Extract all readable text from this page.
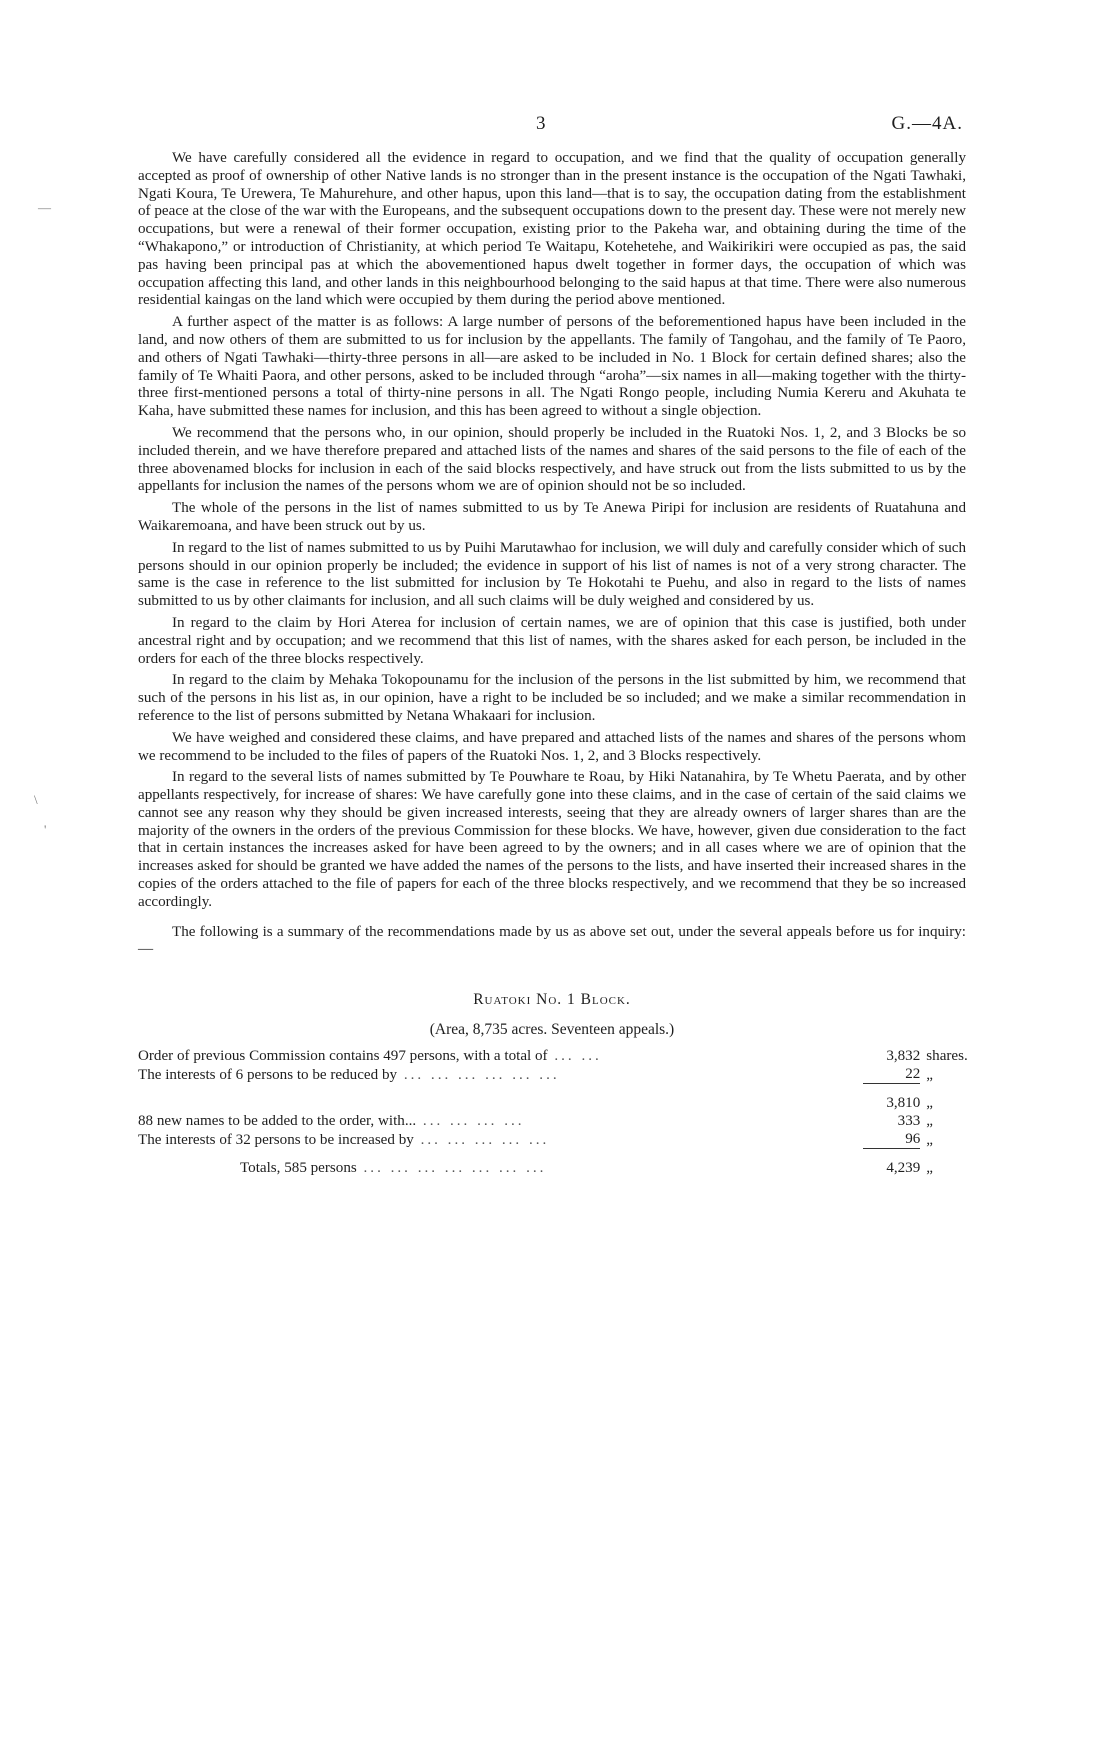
3	G.—4A.
—
\
'

We have carefully considered all the evidence in regard to occupation, and we find that the quality of occupation generally accepted as proof of ownership of other Native lands is no stronger than in the present instance is the occupation of the Ngati Tawhaki, Ngati Koura, Te Urewera, Te Mahurehure, and other hapus, upon this land—that is to say, the occupation dating from the establishment of peace at the close of the war with the Europeans, and the subsequent occupations down to the present day. These were not merely new occupations, but were a renewal of their former occupation, existing prior to the Pakeha war, and obtaining during the time of the “Whakapono,” or introduction of Christianity, at which period Te Waitapu, Kotehetehe, and Waikirikiri were occupied as pas, the said pas having been principal pas at which the abovementioned hapus dwelt together in former days, the occupation of which was occupation affecting this land, and other lands in this neighbourhood belonging to the said hapus at that time. There were also numerous residential kaingas on the land which were occupied by them during the period above mentioned.

A further aspect of the matter is as follows: A large number of persons of the beforementioned hapus have been included in the land, and now others of them are submitted to us for inclusion by the appellants. The family of Tangohau, and the family of Te Paoro, and others of Ngati Tawhaki—thirty-three persons in all—are asked to be included in No. 1 Block for certain defined shares; also the family of Te Whaiti Paora, and other persons, asked to be included through “aroha”—six names in all—making together with the thirty-three first-mentioned persons a total of thirty-nine persons in all. The Ngati Rongo people, including Numia Kereru and Akuhata te Kaha, have submitted these names for inclusion, and this has been agreed to without a single objection.

We recommend that the persons who, in our opinion, should properly be included in the Ruatoki Nos. 1, 2, and 3 Blocks be so included therein, and we have therefore prepared and attached lists of the names and shares of the said persons to the file of each of the three abovenamed blocks for inclusion in each of the said blocks respectively, and have struck out from the lists submitted to us by the appellants for inclusion the names of the persons whom we are of opinion should not be so included.

The whole of the persons in the list of names submitted to us by Te Anewa Piripi for inclusion are residents of Ruatahuna and Waikaremoana, and have been struck out by us.

In regard to the list of names submitted to us by Puihi Marutawhao for inclusion, we will duly and carefully consider which of such persons should in our opinion properly be included; the evidence in support of his list of names is not of a very strong character. The same is the case in reference to the list submitted for inclusion by Te Hokotahi te Puehu, and also in regard to the lists of names submitted to us by other claimants for inclusion, and all such claims will be duly weighed and considered by us.

In regard to the claim by Hori Aterea for inclusion of certain names, we are of opinion that this case is justified, both under ancestral right and by occupation; and we recommend that this list of names, with the shares asked for each person, be included in the orders for each of the three blocks respectively.

In regard to the claim by Mehaka Tokopounamu for the inclusion of the persons in the list submitted by him, we recommend that such of the persons in his list as, in our opinion, have a right to be included be so included; and we make a similar recommendation in reference to the list of persons submitted by Netana Whakaari for inclusion.

We have weighed and considered these claims, and have prepared and attached lists of the names and shares of the persons whom we recommend to be included to the files of papers of the Ruatoki Nos. 1, 2, and 3 Blocks respectively.

In regard to the several lists of names submitted by Te Pouwhare te Roau, by Hiki Natanahira, by Te Whetu Paerata, and by other appellants respectively, for increase of shares: We have carefully gone into these claims, and in the case of certain of the said claims we cannot see any reason why they should be given increased interests, seeing that they are already owners of larger shares than are the majority of the owners in the orders of the previous Commission for these blocks. We have, however, given due consideration to the fact that in certain instances the increases asked for have been agreed to by the owners; and in all cases where we are of opinion that the increases asked for should be granted we have added the names of the persons to the lists, and have inserted their increased shares in the copies of the orders attached to the file of papers for each of the three blocks respectively, and we recommend that they be so increased accordingly.

The following is a summary of the recommendations made by us as above set out, under the several appeals before us for inquiry:—

Ruatoki No. 1 Block.
(Area, 8,735 acres. Seventeen appeals.)
Order of previous Commission contains 497 persons, with a total of ... ...	3,832	shares.
The interests of 6 persons to be reduced by ... ... ... ... ... ...	22	„

	3,810	„
88 new names to be added to the order, with... ... ... ... ...	333	„
The interests of 32 persons to be increased by ... ... ... ... ...	96	„

Totals, 585 persons ... ... ... ... ... ... ...	4,239	„
